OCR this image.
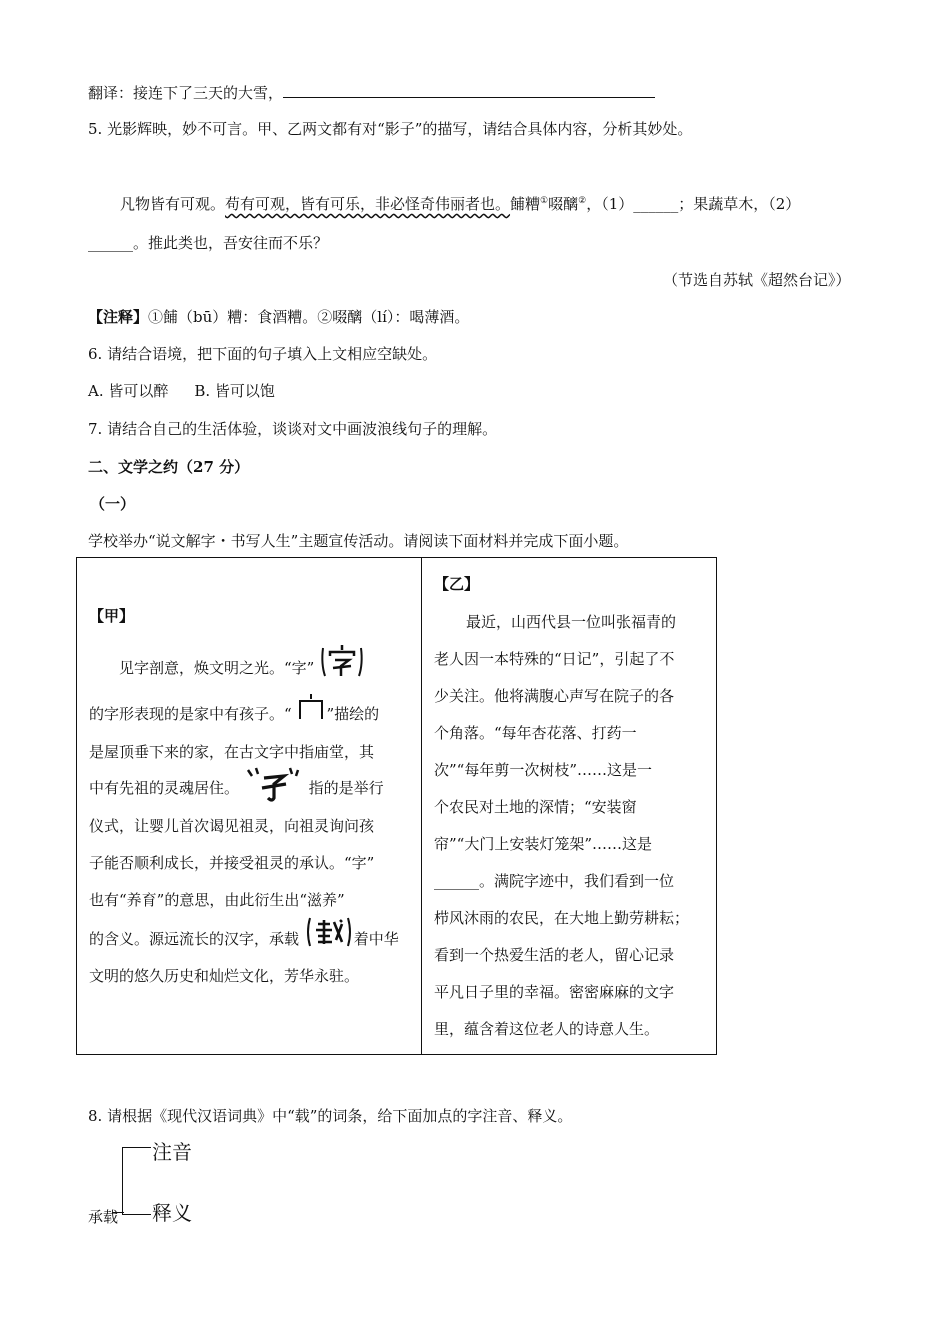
翻译：接连下了三天的大雪，
5. 光影辉映，妙不可言。甲、乙两文都有对“影子”的描写，请结合具体内容，分析其妙处。
凡物皆有可观。苟有可观，皆有可乐，非必怪奇伟丽者也。餔糟①啜醨②，（1）______；果蔬草木，（2）
______。推此类也，吾安往而不乐？
（节选自苏轼《超然台记》）
【注释】①餔（bū）糟：食酒糟。②啜醨（lí）：喝薄酒。
6. 请结合语境，把下面的句子填入上文相应空缺处。
A. 皆可以醉 B. 皆可以饱
7. 请结合自己的生活体验，谈谈对文中画波浪线句子的理解。
二、文学之约（27 分）
（一）
学校举办“说文解字・书写人生”主题宣传活动。请阅读下面材料并完成下面小题。
【甲】
见字剖意，焕文明之光。“字”
的字形表现的是家中有孩子。“ ”描绘的
是屋顶垂下来的家，在古文字中指庙堂，其
中有先祖的灵魂居住。	指的是举行
仪式，让婴儿首次谒见祖灵，向祖灵询问孩
子能否顺利成长，并接受祖灵的承认。“字”
也有“养育”的意思，由此衍生出“滋养”
的含义。源远流长的汉字，承载	着中华
文明的悠久历史和灿烂文化，芳华永驻。
【乙】
最近，山西代县一位叫张福青的
老人因一本特殊的“日记”，引起了不
少关注。他将满腹心声写在院子的各
个角落。“每年杏花落、打药一
次”“每年剪一次树枝”……这是一
个农民对土地的深情；“安装窗
帘”“大门上安装灯笼架”……这是
______。满院字迹中，我们看到一位
栉风沐雨的农民，在大地上勤劳耕耘；
看到一个热爱生活的老人，留心记录
平凡日子里的幸福。密密麻麻的文字
里，蕴含着这位老人的诗意人生。
8. 请根据《现代汉语词典》中“载”的词条，给下面加点的字注音、释义。
注音
释义
承载
